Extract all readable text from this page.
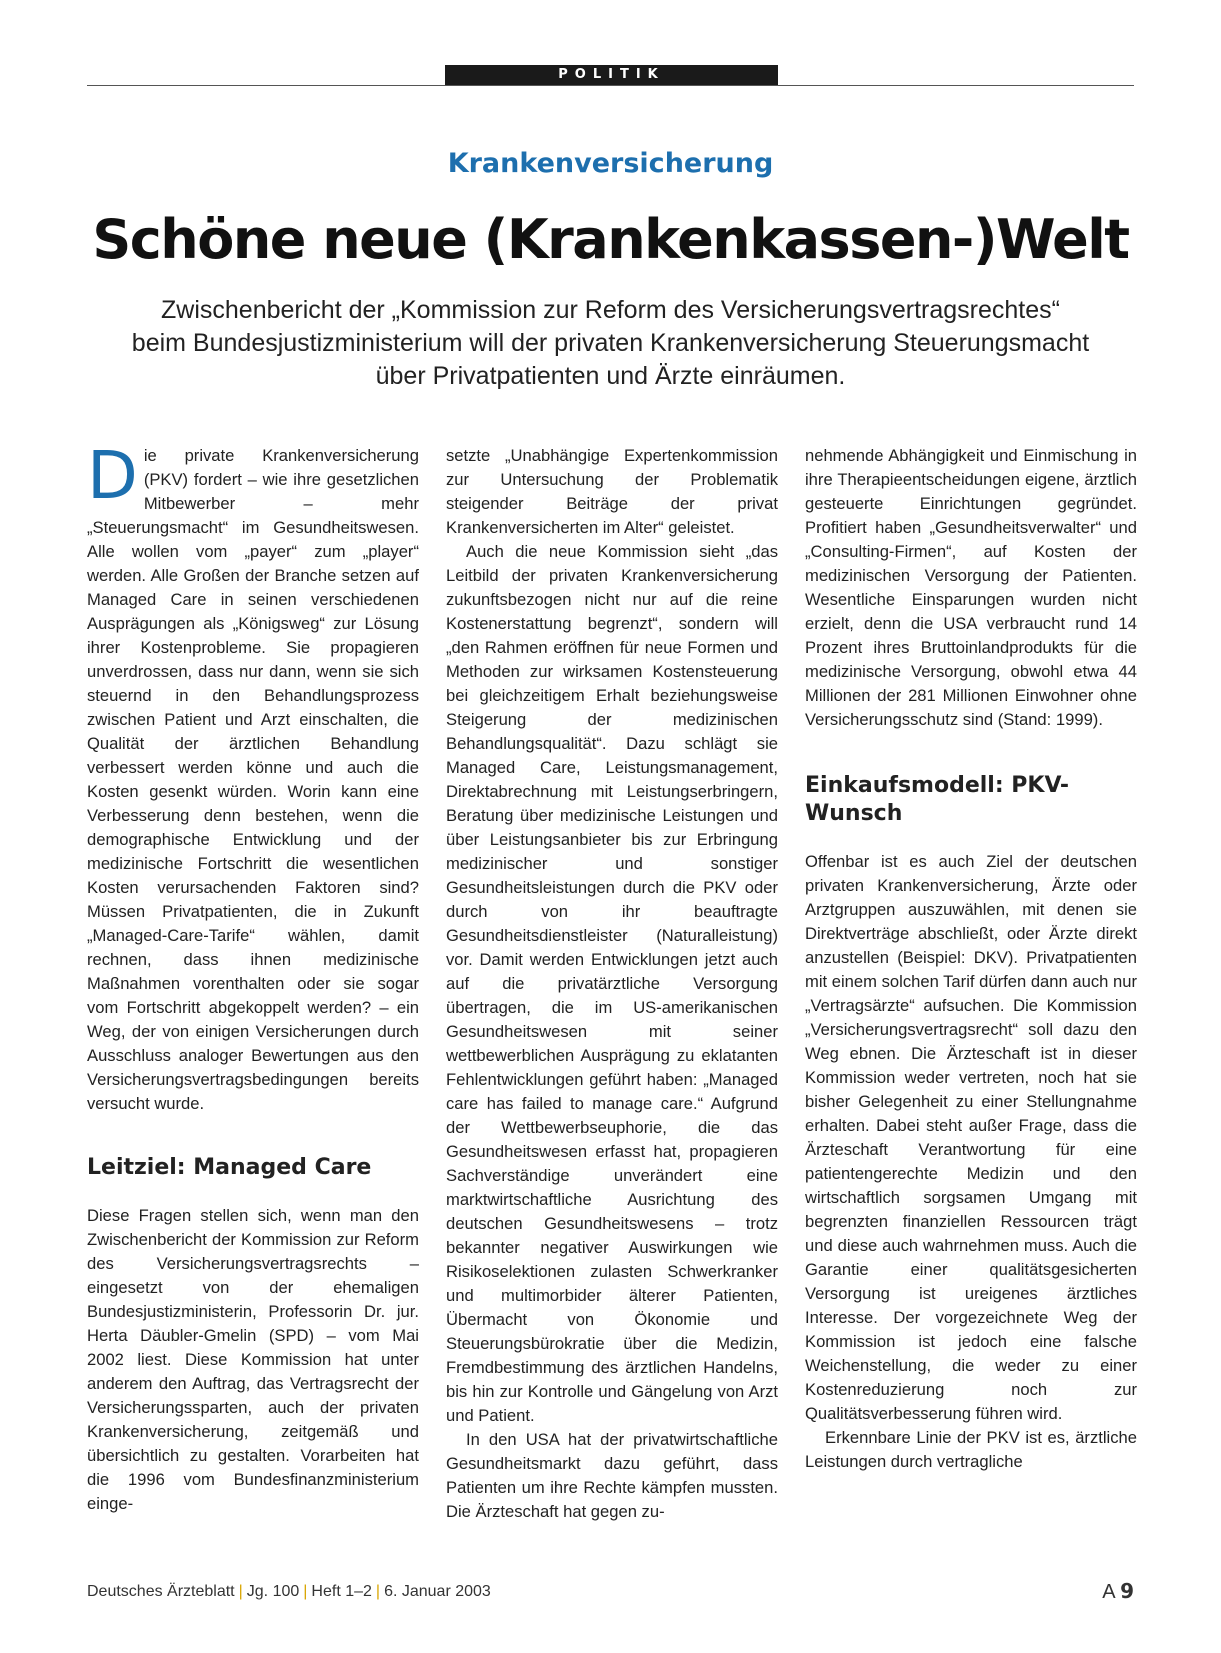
POLITIK
Krankenversicherung
Schöne neue (Krankenkassen-)Welt
Zwischenbericht der „Kommission zur Reform des Versicherungsvertragsrechtes“
beim Bundesjustizministerium will der privaten Krankenversicherung Steuerungsmacht
über Privatpatienten und Ärzte einräumen.

Die private Krankenversicherung (PKV) fordert – wie ihre gesetzlichen Mitbewerber – mehr „Steuerungsmacht“ im Gesundheitswesen. Alle wollen vom „payer“ zum „player“ werden. Alle Großen der Branche setzen auf Managed Care in seinen verschiedenen Ausprägungen als „Königsweg“ zur Lösung ihrer Kostenprobleme. Sie propagieren unverdrossen, dass nur dann, wenn sie sich steuernd in den Behandlungsprozess zwischen Patient und Arzt einschalten, die Qualität der ärztlichen Behandlung verbessert werden könne und auch die Kosten gesenkt würden. Worin kann eine Verbesserung denn bestehen, wenn die demographische Entwicklung und der medizinische Fortschritt die wesentlichen Kosten verursachenden Faktoren sind? Müssen Privatpatienten, die in Zukunft „Managed-Care-Tarife“ wählen, damit rechnen, dass ihnen medizinische Maßnahmen vorenthalten oder sie sogar vom Fortschritt abgekoppelt werden? – ein Weg, der von einigen Versicherungen durch Ausschluss analoger Bewertungen aus den Versicherungsvertragsbedingungen bereits versucht wurde.

Leitziel: Managed Care

Diese Fragen stellen sich, wenn man den Zwischenbericht der Kommission zur Reform des Versicherungsvertragsrechts – eingesetzt von der ehemaligen Bundesjustizministerin, Professorin Dr. jur. Herta Däubler-Gmelin (SPD) – vom Mai 2002 liest. Diese Kommission hat unter anderem den Auftrag, das Vertragsrecht der Versicherungssparten, auch der privaten Krankenversicherung, zeitgemäß und übersichtlich zu gestalten. Vorarbeiten hat die 1996 vom Bundesfinanzministerium einge-

setzte „Unabhängige Expertenkommission zur Untersuchung der Problematik steigender Beiträge der privat Krankenversicherten im Alter“ geleistet.

Auch die neue Kommission sieht „das Leitbild der privaten Krankenversicherung zukunftsbezogen nicht nur auf die reine Kostenerstattung begrenzt“, sondern will „den Rahmen eröffnen für neue Formen und Methoden zur wirksamen Kostensteuerung bei gleichzeitigem Erhalt beziehungsweise Steigerung der medizinischen Behandlungsqualität“. Dazu schlägt sie Managed Care, Leistungsmanagement, Direktabrechnung mit Leistungserbringern, Beratung über medizinische Leistungen und über Leistungsanbieter bis zur Erbringung medizinischer und sonstiger Gesundheitsleistungen durch die PKV oder durch von ihr beauftragte Gesundheitsdienstleister (Naturalleistung) vor. Damit werden Entwicklungen jetzt auch auf die privatärztliche Versorgung übertragen, die im US-amerikanischen Gesundheitswesen mit seiner wettbewerblichen Ausprägung zu eklatanten Fehlentwicklungen geführt haben: „Managed care has failed to manage care.“ Aufgrund der Wettbewerbseuphorie, die das Gesundheitswesen erfasst hat, propagieren Sachverständige unverändert eine marktwirtschaftliche Ausrichtung des deutschen Gesundheitswesens – trotz bekannter negativer Auswirkungen wie Risikoselektionen zulasten Schwerkranker und multimorbider älterer Patienten, Übermacht von Ökonomie und Steuerungsbürokratie über die Medizin, Fremdbestimmung des ärztlichen Handelns, bis hin zur Kontrolle und Gängelung von Arzt und Patient.

In den USA hat der privatwirtschaftliche Gesundheitsmarkt dazu geführt, dass Patienten um ihre Rechte kämpfen mussten. Die Ärzteschaft hat gegen zu-

nehmende Abhängigkeit und Einmischung in ihre Therapieentscheidungen eigene, ärztlich gesteuerte Einrichtungen gegründet. Profitiert haben „Gesundheitsverwalter“ und „Consulting-Firmen“, auf Kosten der medizinischen Versorgung der Patienten. Wesentliche Einsparungen wurden nicht erzielt, denn die USA verbraucht rund 14 Prozent ihres Bruttoinlandprodukts für die medizinische Versorgung, obwohl etwa 44 Millionen der 281 Millionen Einwohner ohne Versicherungsschutz sind (Stand: 1999).

Einkaufsmodell: PKV-Wunsch

Offenbar ist es auch Ziel der deutschen privaten Krankenversicherung, Ärzte oder Arztgruppen auszuwählen, mit denen sie Direktverträge abschließt, oder Ärzte direkt anzustellen (Beispiel: DKV). Privatpatienten mit einem solchen Tarif dürfen dann auch nur „Vertragsärzte“ aufsuchen. Die Kommission „Versicherungsvertragsrecht“ soll dazu den Weg ebnen. Die Ärzteschaft ist in dieser Kommission weder vertreten, noch hat sie bisher Gelegenheit zu einer Stellungnahme erhalten. Dabei steht außer Frage, dass die Ärzteschaft Verantwortung für eine patientengerechte Medizin und den wirtschaftlich sorgsamen Umgang mit begrenzten finanziellen Ressourcen trägt und diese auch wahrnehmen muss. Auch die Garantie einer qualitätsgesicherten Versorgung ist ureigenes ärztliches Interesse. Der vorgezeichnete Weg der Kommission ist jedoch eine falsche Weichenstellung, die weder zu einer Kostenreduzierung noch zur Qualitätsverbesserung führen wird.

Erkennbare Linie der PKV ist es, ärztliche Leistungen durch vertragliche

Deutsches Ärzteblatt | Jg. 100 | Heft 1–2 | 6. Januar 2003	A 9
